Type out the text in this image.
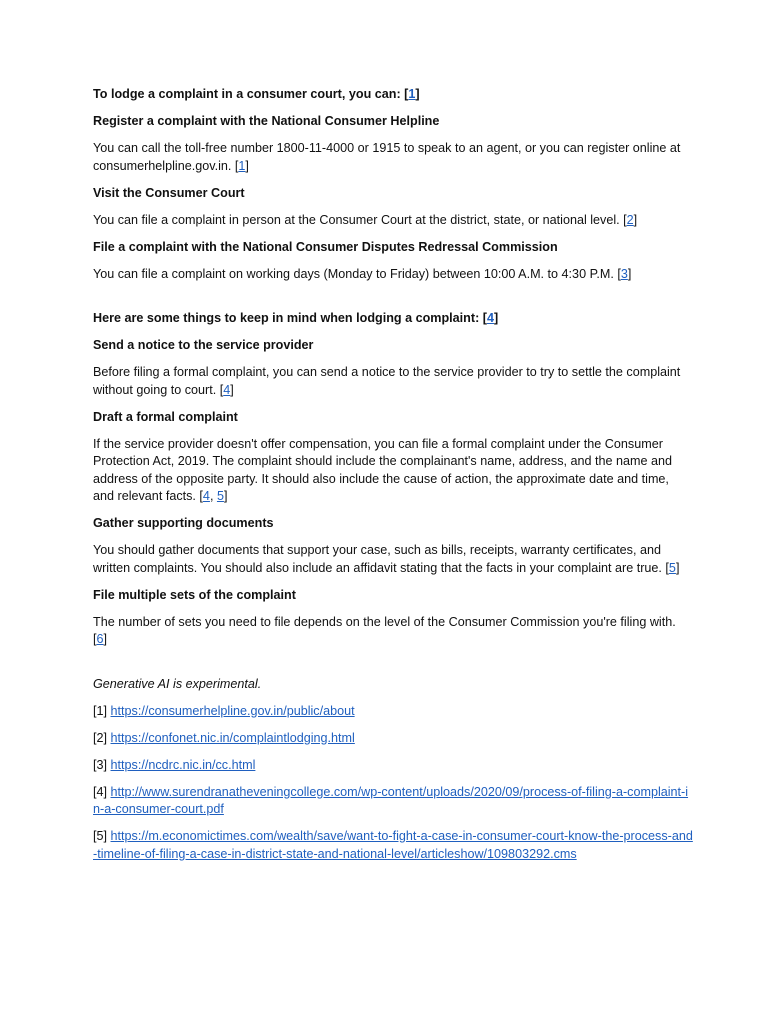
To lodge a complaint in a consumer court, you can: [1]

Register a complaint with the National Consumer Helpline

You can call the toll-free number 1800-11-4000 or 1915 to speak to an agent, or you can register online at consumerhelpline.gov.in. [1]

Visit the Consumer Court

You can file a complaint in person at the Consumer Court at the district, state, or national level. [2]

File a complaint with the National Consumer Disputes Redressal Commission

You can file a complaint on working days (Monday to Friday) between 10:00 A.M. to 4:30 P.M. [3]

Here are some things to keep in mind when lodging a complaint: [4]

Send a notice to the service provider

Before filing a formal complaint, you can send a notice to the service provider to try to settle the complaint without going to court. [4]

Draft a formal complaint

If the service provider doesn't offer compensation, you can file a formal complaint under the Consumer Protection Act, 2019. The complaint should include the complainant's name, address, and the name and address of the opposite party. It should also include the cause of action, the approximate date and time, and relevant facts. [4, 5]

Gather supporting documents

You should gather documents that support your case, such as bills, receipts, warranty certificates, and written complaints. You should also include an affidavit stating that the facts in your complaint are true. [5]

File multiple sets of the complaint

The number of sets you need to file depends on the level of the Consumer Commission you're filing with. [6]

Generative AI is experimental.

[1] https://consumerhelpline.gov.in/public/about

[2] https://confonet.nic.in/complaintlodging.html

[3] https://ncdrc.nic.in/cc.html

[4] http://www.surendranatheveningcollege.com/wp-content/uploads/2020/09/process-of-filing-a-complaint-in-a-consumer-court.pdf

[5] https://m.economictimes.com/wealth/save/want-to-fight-a-case-in-consumer-court-know-the-process-and-timeline-of-filing-a-case-in-district-state-and-national-level/articleshow/109803292.cms
